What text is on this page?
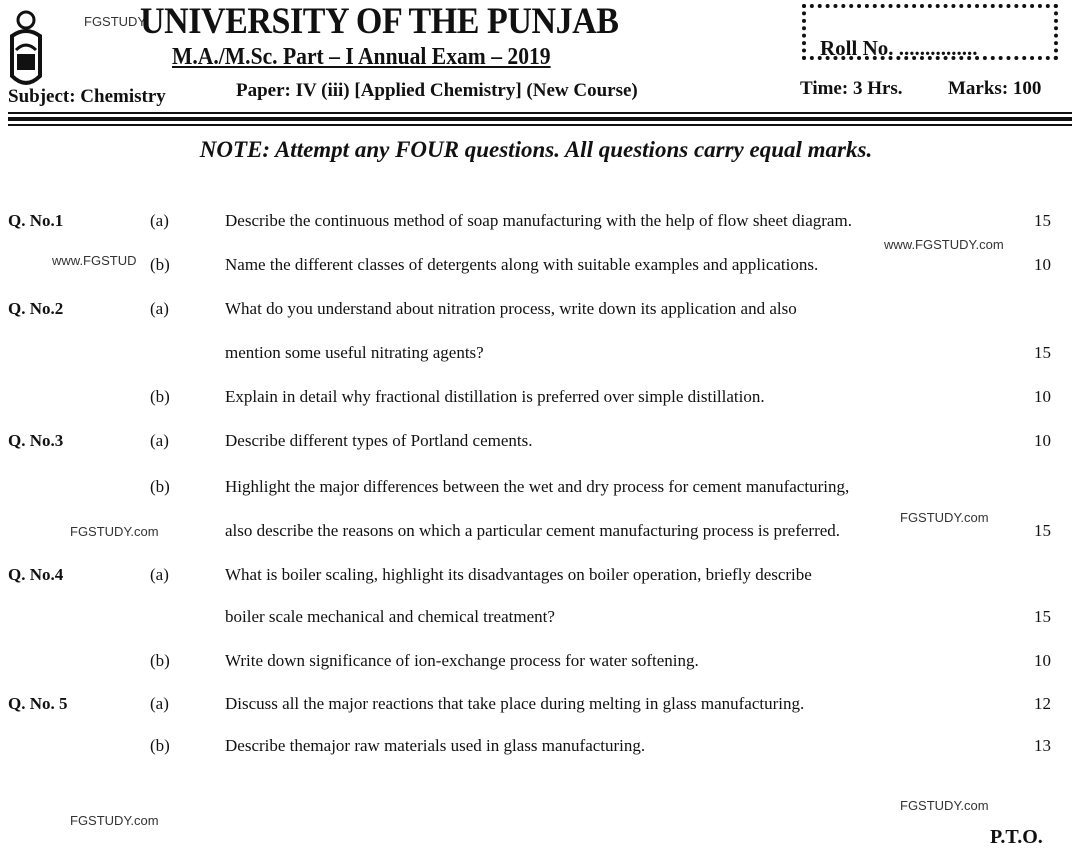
FGSTUDY
UNIVERSITY OF THE PUNJAB
M.A./M.Sc. Part – I Annual Exam – 2019
Subject: Chemistry	Paper: IV (iii) [Applied Chemistry] (New Course)
Roll No. ...............
Time: 3 Hrs. Marks: 100
NOTE: Attempt any FOUR questions. All questions carry equal marks.
Q. No.1	(a)	Describe the continuous method of soap manufacturing with the help of flow sheet diagram.	15
(b)	Name the different classes of detergents along with suitable examples and applications.	10
Q. No.2	(a)	What do you understand about nitration process, write down its application and also
mention some useful nitrating agents?	15
(b)	Explain in detail why fractional distillation is preferred over simple distillation.	10
Q. No.3	(a)	Describe different types of Portland cements.	10
(b)	Highlight the major differences between the wet and dry process for cement manufacturing,
also describe the reasons on which a particular cement manufacturing process is preferred.	15
Q. No.4	(a)	What is boiler scaling, highlight its disadvantages on boiler operation, briefly describe
boiler scale mechanical and chemical treatment?	15
(b)	Write down significance of ion-exchange process for water softening.	10
Q. No. 5	(a)	Discuss all the major reactions that take place during melting in glass manufacturing.	12
(b)	Describe themajor raw materials used in glass manufacturing.	13
www.FGSTUDY.com
www.FGSTUD
FGSTUDY.com
FGSTUDY.com
FGSTUDY.com
FGSTUDY.com
P.T.O.
